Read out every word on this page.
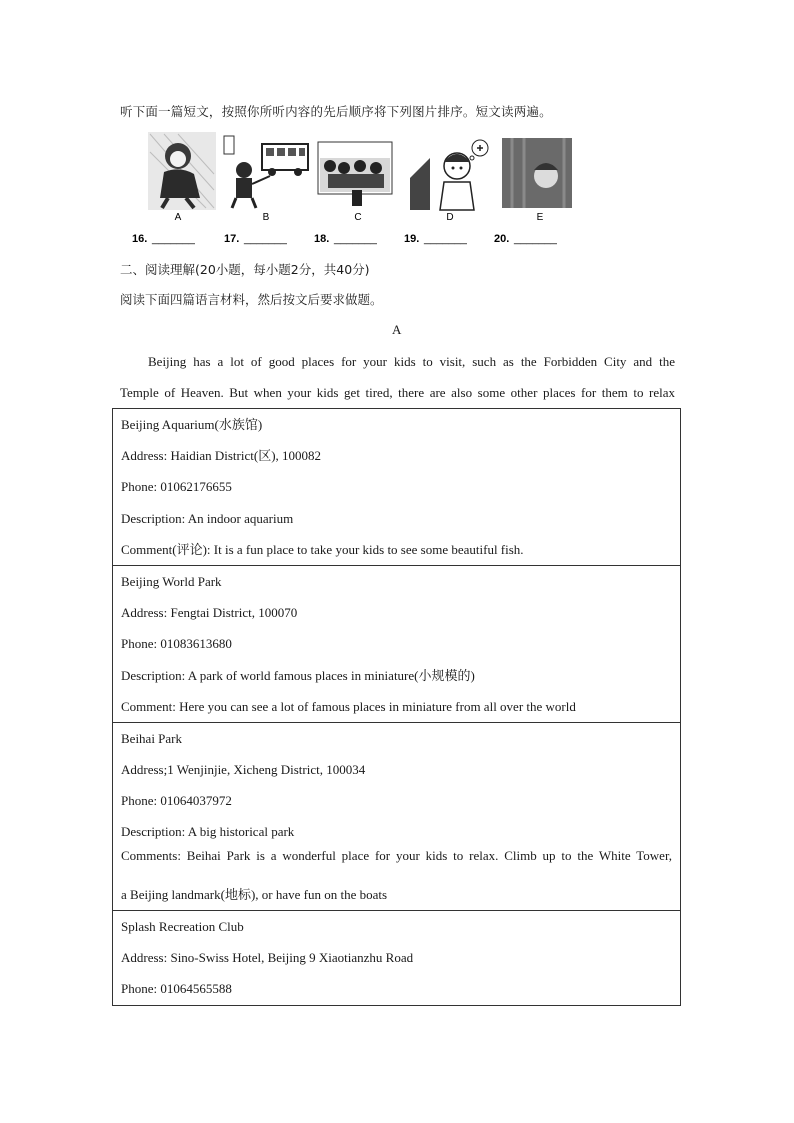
听下面一篇短文，按照你所听内容的先后顺序将下列图片排序。短文读两遍。
A	B	C	D	E
16. _______	17. _______ 18. _______ 19. _______ 20. _______
二、阅读理解(20小题，每小题2分，共40分)
阅读下面四篇语言材料，然后按文后要求做题。
A
Beijing has a lot of good places for your kids to visit, such as the Forbidden City and the
Temple of Heaven. But when your kids get tired, there are also some other places for them to relax
Beijing Aquarium(水族馆)
Address: Haidian District(区), 100082
Phone: 01062176655
Description: An indoor aquarium
Comment(评论): It is a fun place to take your kids to see some beautiful fish.

Beijing World Park
Address: Fengtai District, 100070
Phone: 01083613680
Description: A park of world famous places in miniature(小规模的)
Comment: Here you can see a lot of famous places in miniature from all over the world

Beihai Park
Address;1 Wenjinjie, Xicheng District, 100034
Phone: 01064037972
Description: A big historical park
Comments: Beihai Park is a wonderful place for your kids to relax. Climb up to the White Tower,
a Beijing landmark(地标), or have fun on the boats

Splash Recreation Club
Address: Sino-Swiss Hotel, Beijing 9 Xiaotianzhu Road
Phone: 01064565588
